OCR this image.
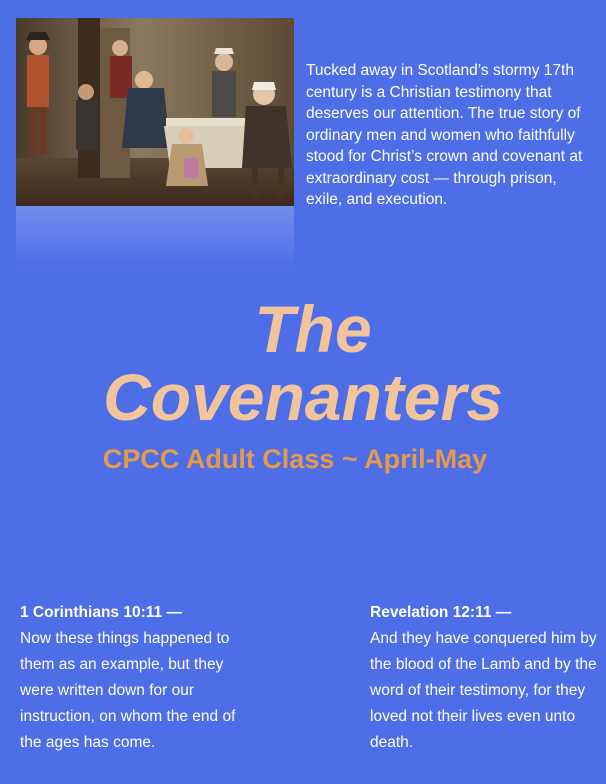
Tucked away in Scotland’s stormy 17th century is a Christian testimony that deserves our attention. The true story of ordinary men and women who faithfully stood for Christ’s crown and covenant at extraordinary cost — through prison, exile, and execution.

The
Covenanters
CPCC Adult Class ~ April-May

1 Corinthians 10:11 —

Now these things happened to them as an example, but they were written down for our instruction, on whom the end of the ages has come.

Revelation 12:11 —

And they have conquered him by the blood of the Lamb and by the word of their testimony, for they loved not their lives even unto death.
